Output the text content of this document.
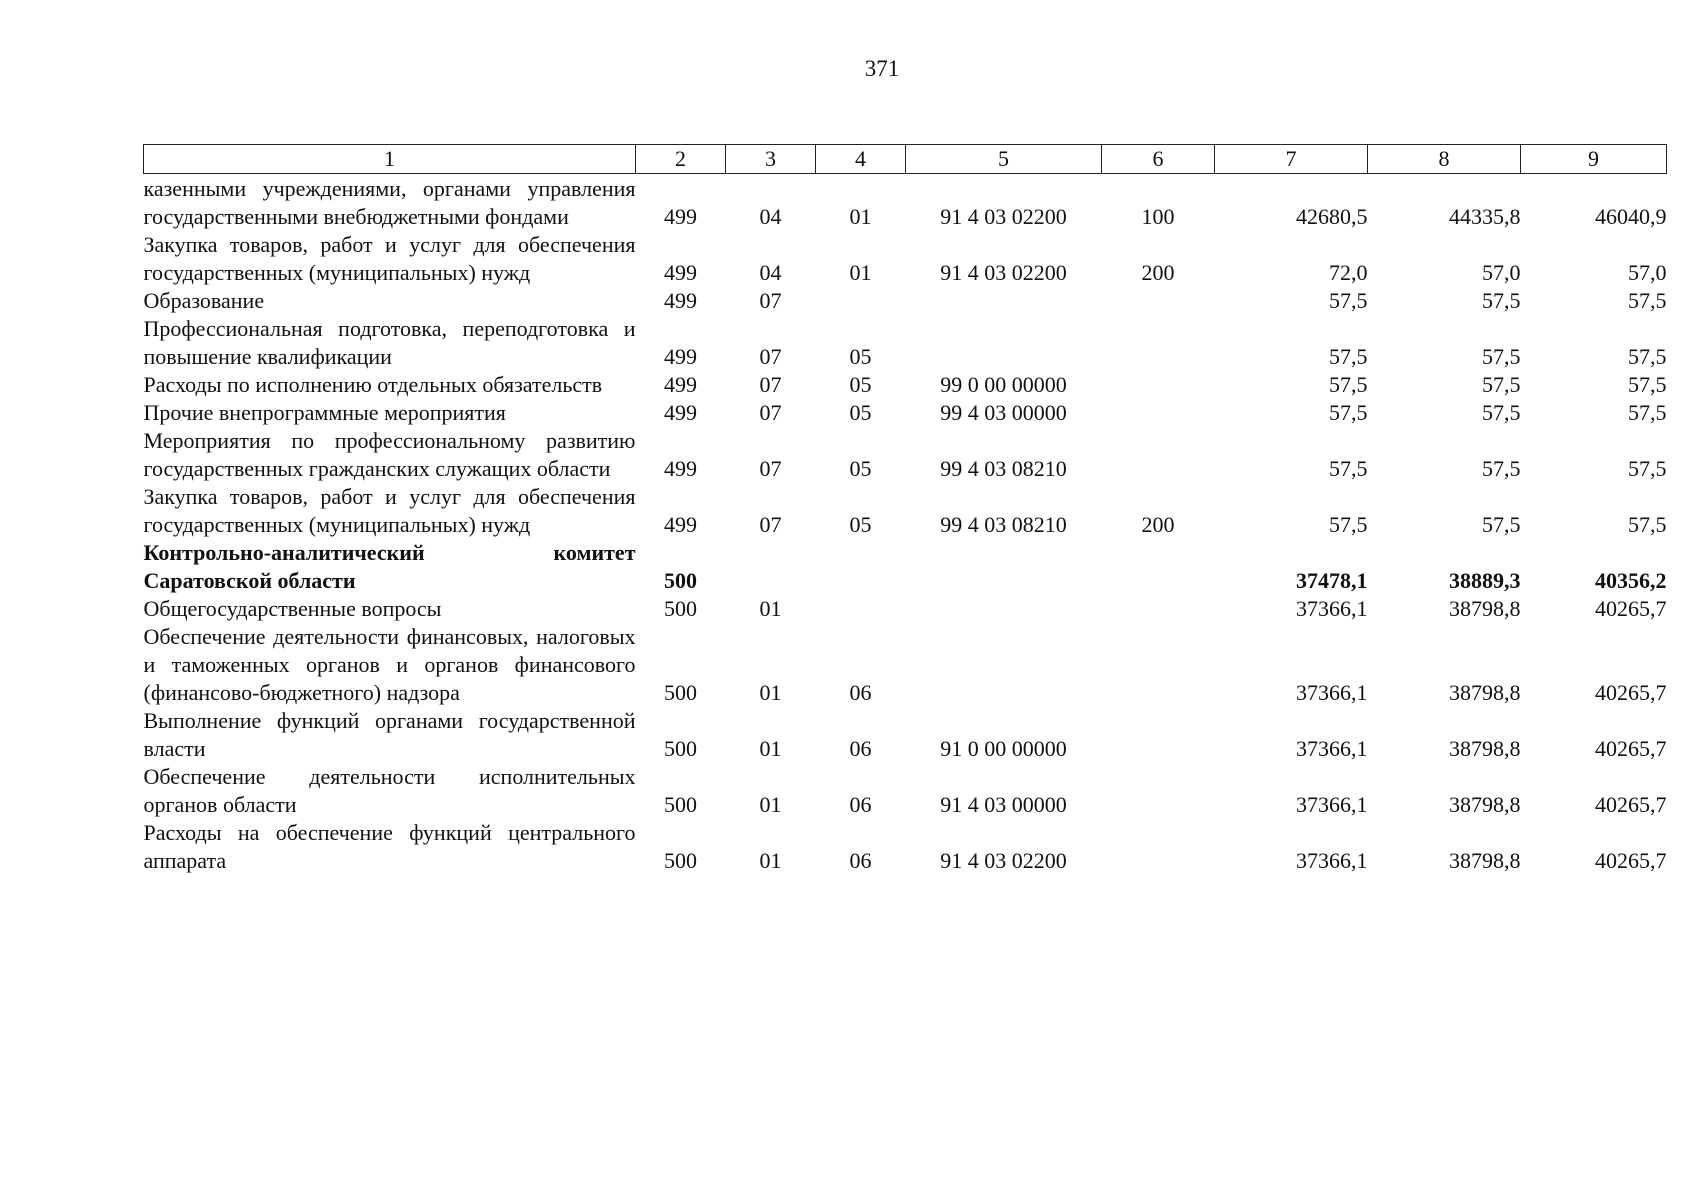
371
1	2	3	4	5	6	7	8	9
казенными учреждениями, органами управления государственными внебюджетными фондами	499	04	01	91 4 03 02200	100	42680,5	44335,8	46040,9
Закупка товаров, работ и услуг для обеспечения государственных (муниципальных) нужд	499	04	01	91 4 03 02200	200	72,0	57,0	57,0
Образование	499	07				57,5	57,5	57,5
Профессиональная подготовка, переподготовка и повышение квалификации	499	07	05			57,5	57,5	57,5
Расходы по исполнению отдельных обязательств	499	07	05	99 0 00 00000		57,5	57,5	57,5
Прочие внепрограммные мероприятия	499	07	05	99 4 03 00000		57,5	57,5	57,5
Мероприятия по профессиональному развитию государственных гражданских служащих области	499	07	05	99 4 03 08210		57,5	57,5	57,5
Закупка товаров, работ и услуг для обеспечения государственных (муниципальных) нужд	499	07	05	99 4 03 08210	200	57,5	57,5	57,5
Контрольно-аналитический комитет Саратовской области	500					37478,1	38889,3	40356,2
Общегосударственные вопросы	500	01				37366,1	38798,8	40265,7
Обеспечение деятельности финансовых, налоговых и таможенных органов и органов финансового (финансово-бюджетного) надзора	500	01	06			37366,1	38798,8	40265,7
Выполнение функций органами государственной власти	500	01	06	91 0 00 00000		37366,1	38798,8	40265,7
Обеспечение деятельности исполнительных органов области	500	01	06	91 4 03 00000		37366,1	38798,8	40265,7
Расходы на обеспечение функций центрального аппарата	500	01	06	91 4 03 02200		37366,1	38798,8	40265,7
